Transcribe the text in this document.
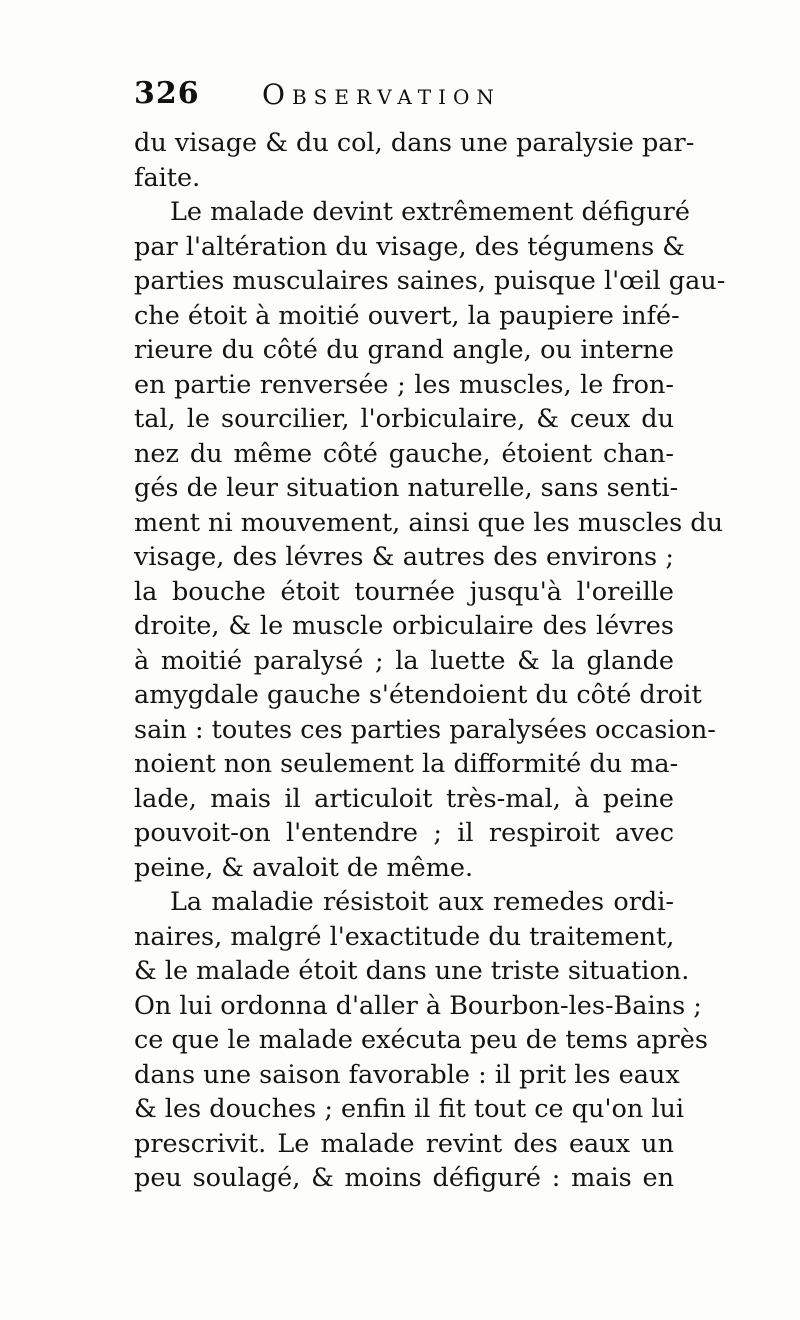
326 Observation
du visage & du col, dans une paralysie par-
faite.
Le malade devint extrêmement défiguré
par l'altération du visage, des tégumens &
parties musculaires saines, puisque l'œil gau-
che étoit à moitié ouvert, la paupiere infé-
rieure du côté du grand angle, ou interne
en partie renversée ; les muscles, le fron-
tal, le sourcilier, l'orbiculaire, & ceux du
nez du même côté gauche, étoient chan-
gés de leur situation naturelle, sans senti-
ment ni mouvement, ainsi que les muscles du
visage, des lévres & autres des environs ;
la bouche étoit tournée jusqu'à l'oreille
droite, & le muscle orbiculaire des lévres
à moitié paralysé ; la luette & la glande
amygdale gauche s'étendoient du côté droit
sain : toutes ces parties paralysées occasion-
noient non seulement la difformité du ma-
lade, mais il articuloit très-mal, à peine
pouvoit-on l'entendre ; il respiroit avec
peine, & avaloit de même.
La maladie résistoit aux remedes ordi-
naires, malgré l'exactitude du traitement,
& le malade étoit dans une triste situation.
On lui ordonna d'aller à Bourbon-les-Bains ;
ce que le malade exécuta peu de tems après
dans une saison favorable : il prit les eaux
& les douches ; enfin il fit tout ce qu'on lui
prescrivit. Le malade revint des eaux un
peu soulagé, & moins défiguré : mais en
